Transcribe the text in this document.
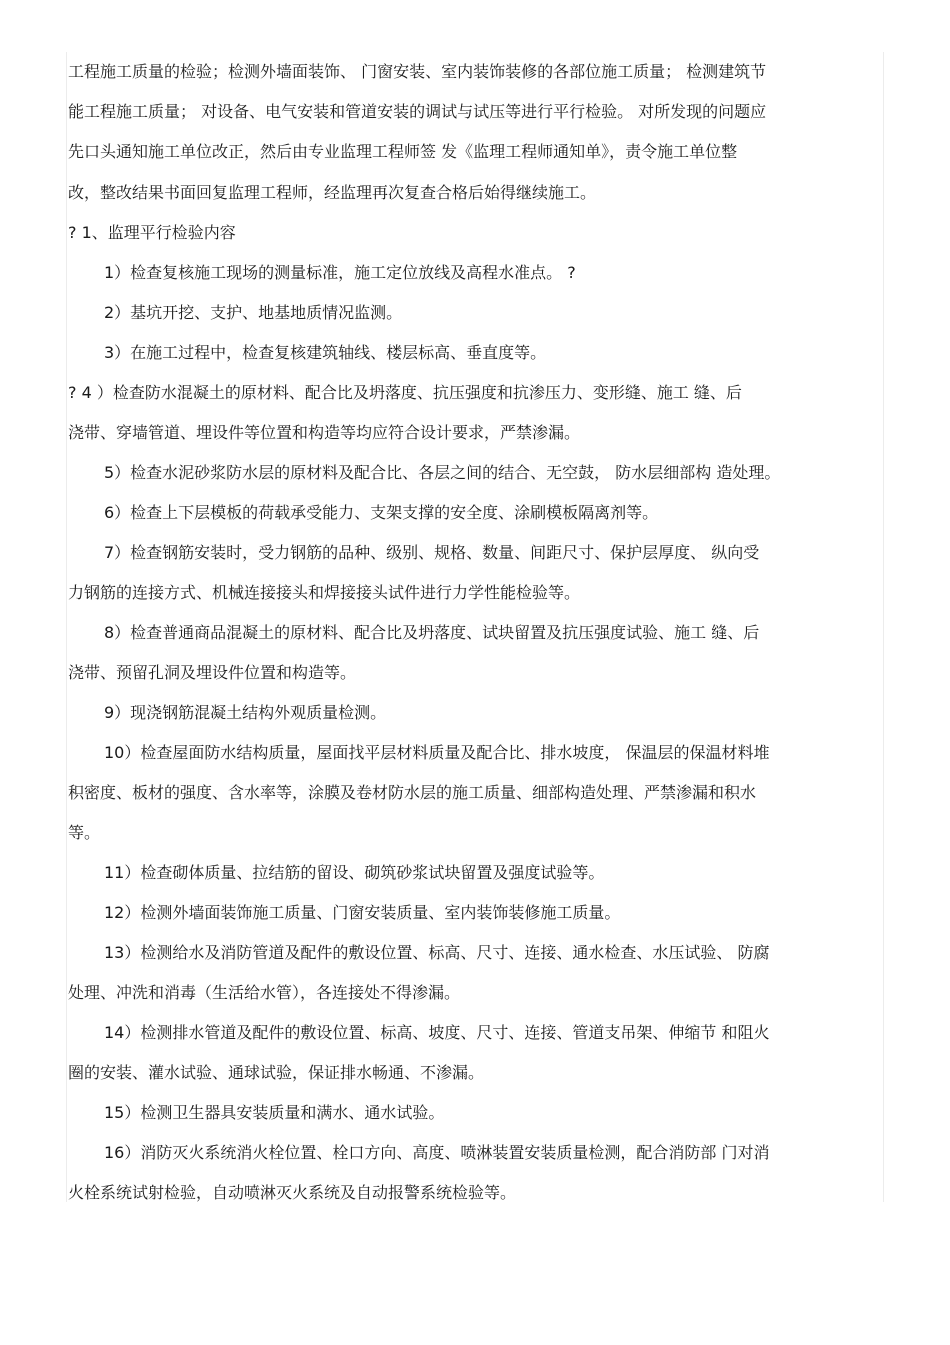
工程施工质量的检验；检测外墙面装饰、 门窗安装、室内装饰装修的各部位施工质量； 检测建筑节
能工程施工质量； 对设备、电气安装和管道安装的调试与试压等进行平行检验。 对所发现的问题应
先口头通知施工单位改正，然后由专业监理工程师签 发《监理工程师通知单》，责令施工单位整
改，整改结果书面回复监理工程师，经监理再次复查合格后始得继续施工。
? 1、监理平行检验内容
1）检查复核施工现场的测量标准，施工定位放线及高程水准点。 ?
2）基坑开挖、支护、地基地质情况监测。
3）在施工过程中，检查复核建筑轴线、楼层标高、垂直度等。
? 4 ）检查防水混凝土的原材料、配合比及坍落度、抗压强度和抗渗压力、变形缝、施工 缝、后
浇带、穿墙管道、埋设件等位置和构造等均应符合设计要求，严禁渗漏。
5）检查水泥砂浆防水层的原材料及配合比、各层之间的结合、无空鼓， 防水层细部构 造处理。
6）检查上下层模板的荷载承受能力、支架支撑的安全度、涂刷模板隔离剂等。
7）检查钢筋安装时，受力钢筋的品种、级别、规格、数量、间距尺寸、保护层厚度、 纵向受
力钢筋的连接方式、机械连接接头和焊接接头试件进行力学性能检验等。
8）检查普通商品混凝土的原材料、配合比及坍落度、试块留置及抗压强度试验、施工 缝、后
浇带、预留孔洞及埋设件位置和构造等。
9）现浇钢筋混凝土结构外观质量检测。
10）检查屋面防水结构质量，屋面找平层材料质量及配合比、排水坡度， 保温层的保温材料堆
积密度、板材的强度、含水率等，涂膜及卷材防水层的施工质量、细部构造处理、严禁渗漏和积水
等。
11）检查砌体质量、拉结筋的留设、砌筑砂浆试块留置及强度试验等。
12）检测外墙面装饰施工质量、门窗安装质量、室内装饰装修施工质量。
13）检测给水及消防管道及配件的敷设位置、标高、尺寸、连接、通水检查、水压试验、 防腐
处理、冲洗和消毒（生活给水管），各连接处不得渗漏。
14）检测排水管道及配件的敷设位置、标高、坡度、尺寸、连接、管道支吊架、伸缩节 和阻火
圈的安装、灌水试验、通球试验，保证排水畅通、不渗漏。
15）检测卫生器具安装质量和满水、通水试验。
16）消防灭火系统消火栓位置、栓口方向、高度、喷淋装置安装质量检测，配合消防部 门对消
火栓系统试射检验，自动喷淋灭火系统及自动报警系统检验等。
